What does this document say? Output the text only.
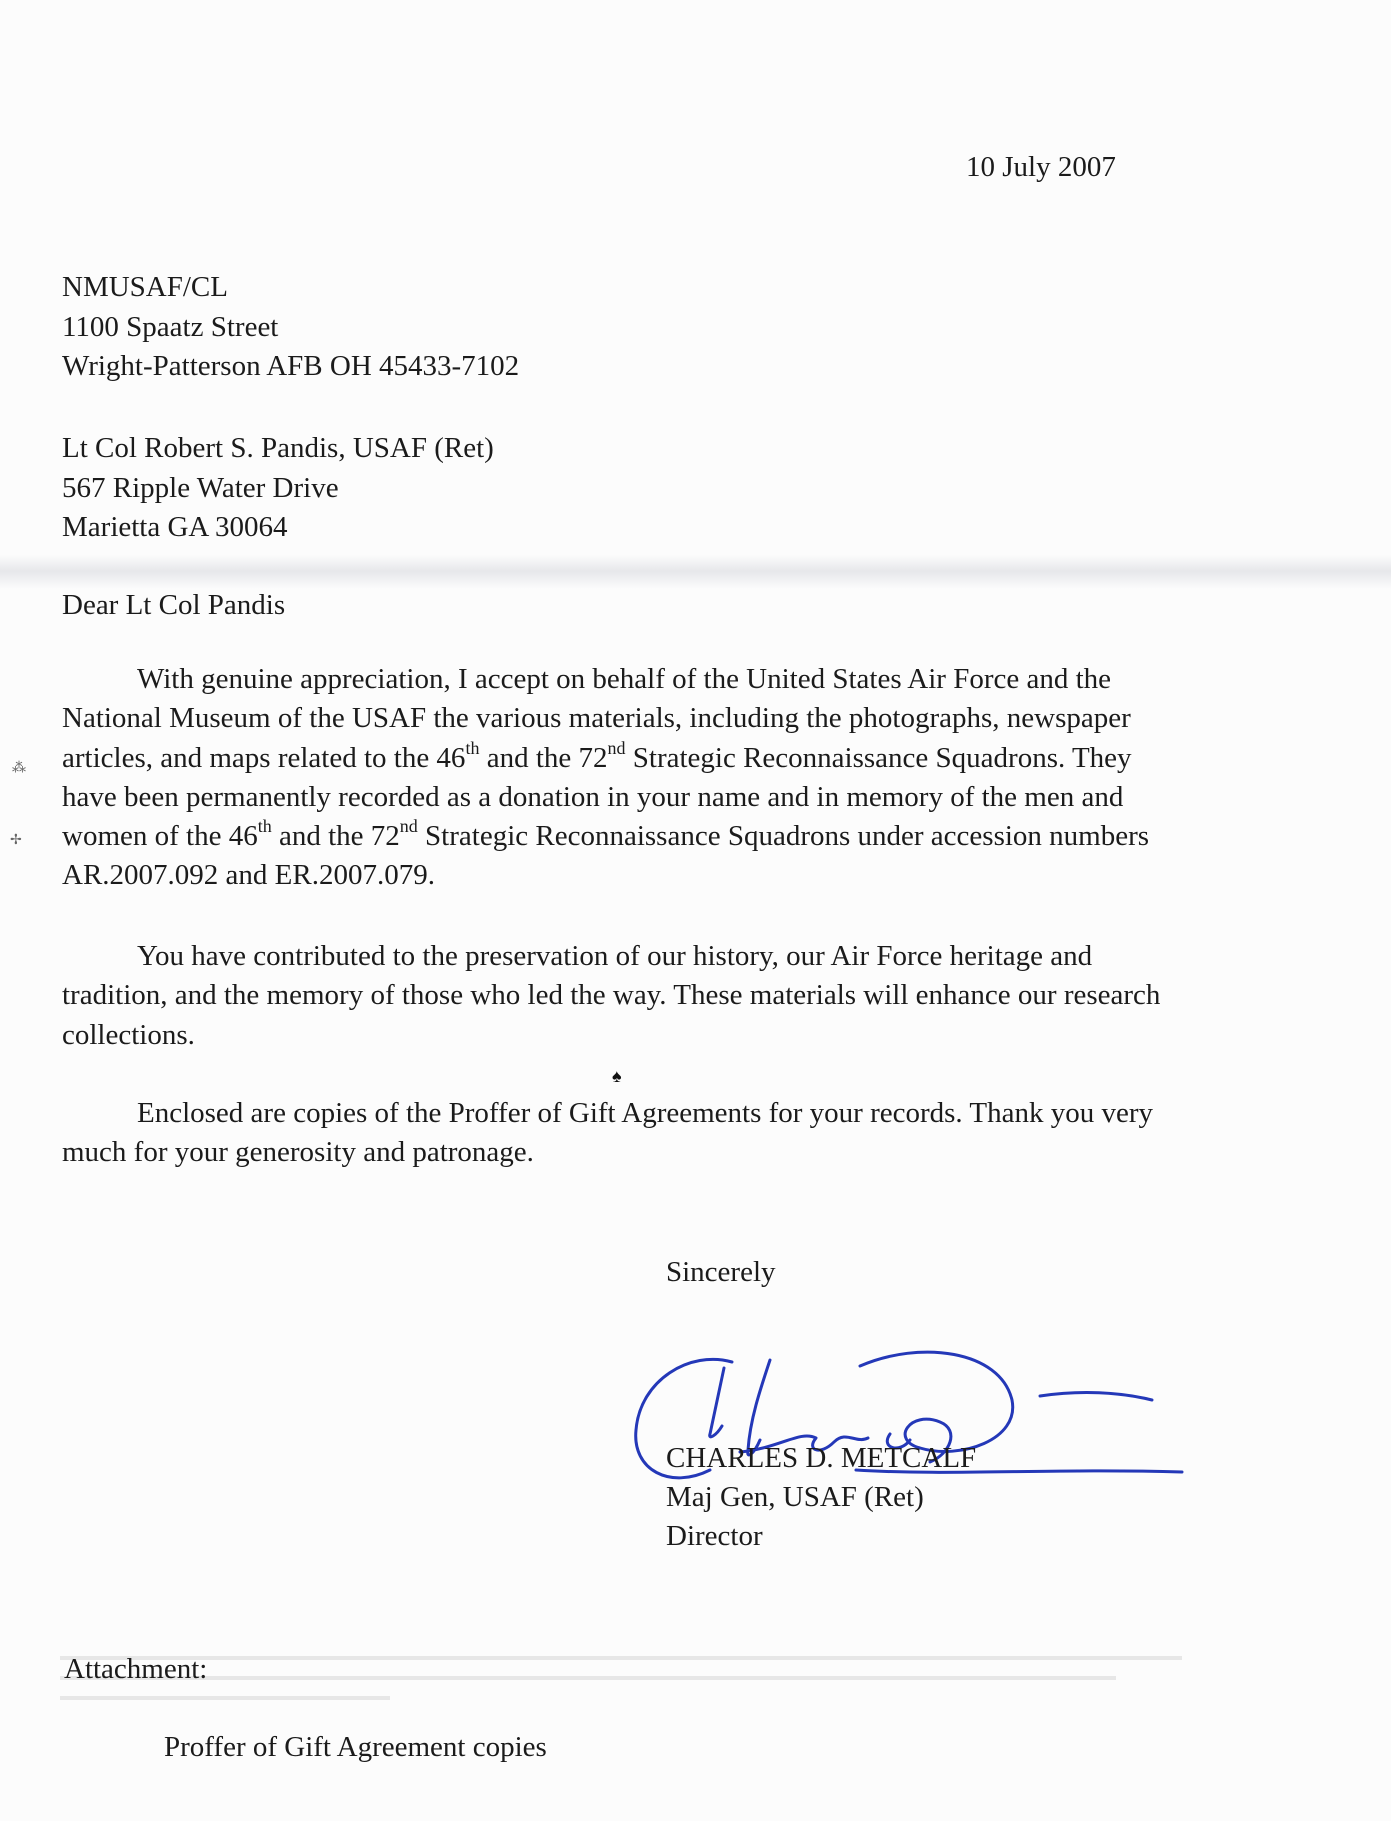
⁂
✢
♠
10 July 2007
NMUSAF/CL
1100 Spaatz Street
Wright-Patterson AFB OH 45433-7102
Lt Col Robert S. Pandis, USAF (Ret)
567 Ripple Water Drive
Marietta GA 30064
Dear Lt Col Pandis
With genuine appreciation, I accept on behalf of the United States Air Force and the
National Museum of the USAF the various materials, including the photographs, newspaper
articles, and maps related to the 46th and the 72nd Strategic Reconnaissance Squadrons. They
have been permanently recorded as a donation in your name and in memory of the men and
women of the 46th and the 72nd Strategic Reconnaissance Squadrons under accession numbers
AR.2007.092 and ER.2007.079.
You have contributed to the preservation of our history, our Air Force heritage and
tradition, and the memory of those who led the way. These materials will enhance our research
collections.
Enclosed are copies of the Proffer of Gift Agreements for your records. Thank you very
much for your generosity and patronage.
Sincerely
CHARLES D. METCALF
Maj Gen, USAF (Ret)
Director
Attachment:
Proffer of Gift Agreement copies
